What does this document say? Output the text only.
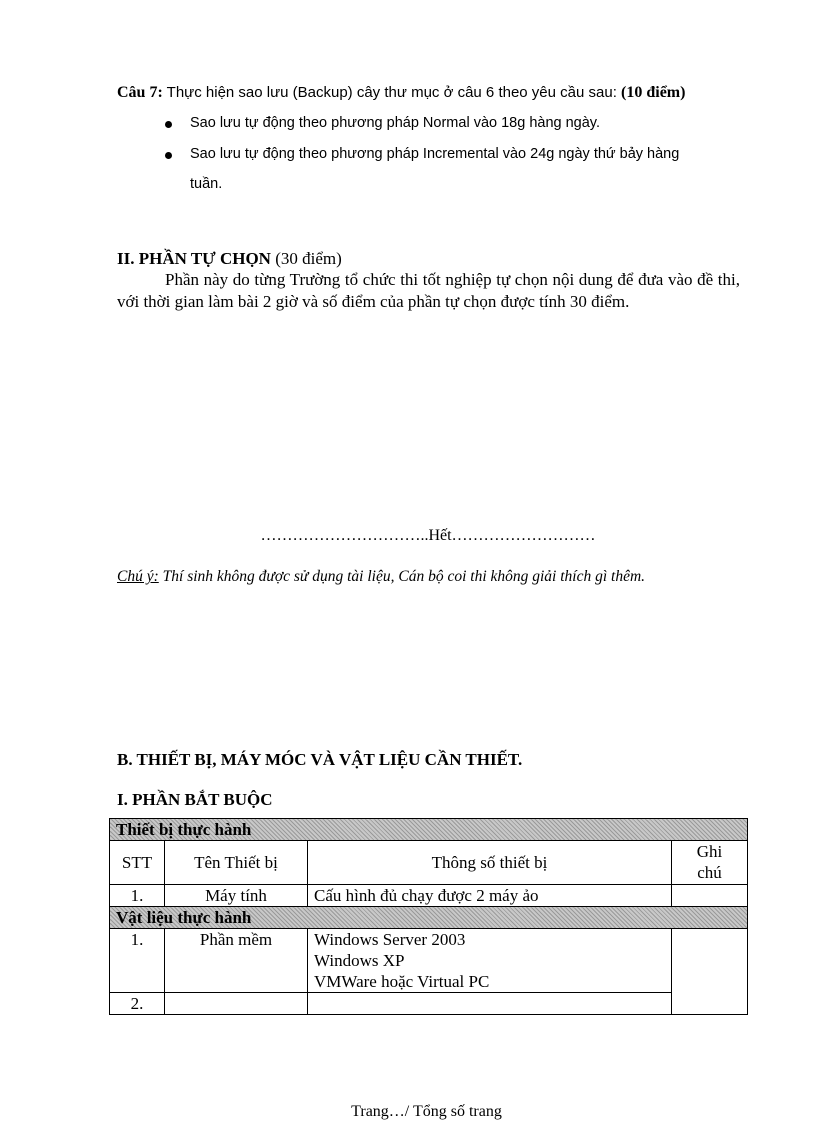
Câu 7: Thực hiện sao lưu (Backup) cây thư mục ở câu 6 theo yêu cầu sau: (10 điểm)
Sao lưu tự động theo phương pháp Normal vào 18g hàng ngày.
Sao lưu tự động theo phương pháp Incremental vào 24g ngày thứ bảy hàng
tuần.
II. PHẦN TỰ CHỌN (30 điểm)
Phần này do từng Trường tổ chức thi tốt nghiệp tự chọn nội dung để đưa vào đề thi, với thời gian làm bài 2 giờ và số điểm của phần tự chọn được tính 30 điểm.
…………………………..Hết………………………
Chú ý: Thí sinh không được sử dụng tài liệu, Cán bộ coi thi không giải thích gì thêm.
B. THIẾT BỊ, MÁY MÓC VÀ VẬT LIỆU CẦN THIẾT.
I. PHẦN BẮT BUỘC
Thiết bị thực hành			
STT	Tên Thiết bị	Thông số thiết bị	Ghi
chú

1.	Máy tính	Cấu hình đủ chạy được 2 máy ảo	
Vật liệu thực hành			
1.	Phần mềm	Windows Server 2003
Windows XP
VMWare hoặc Virtual PC	

2.			
Trang…/ Tổng số trang
